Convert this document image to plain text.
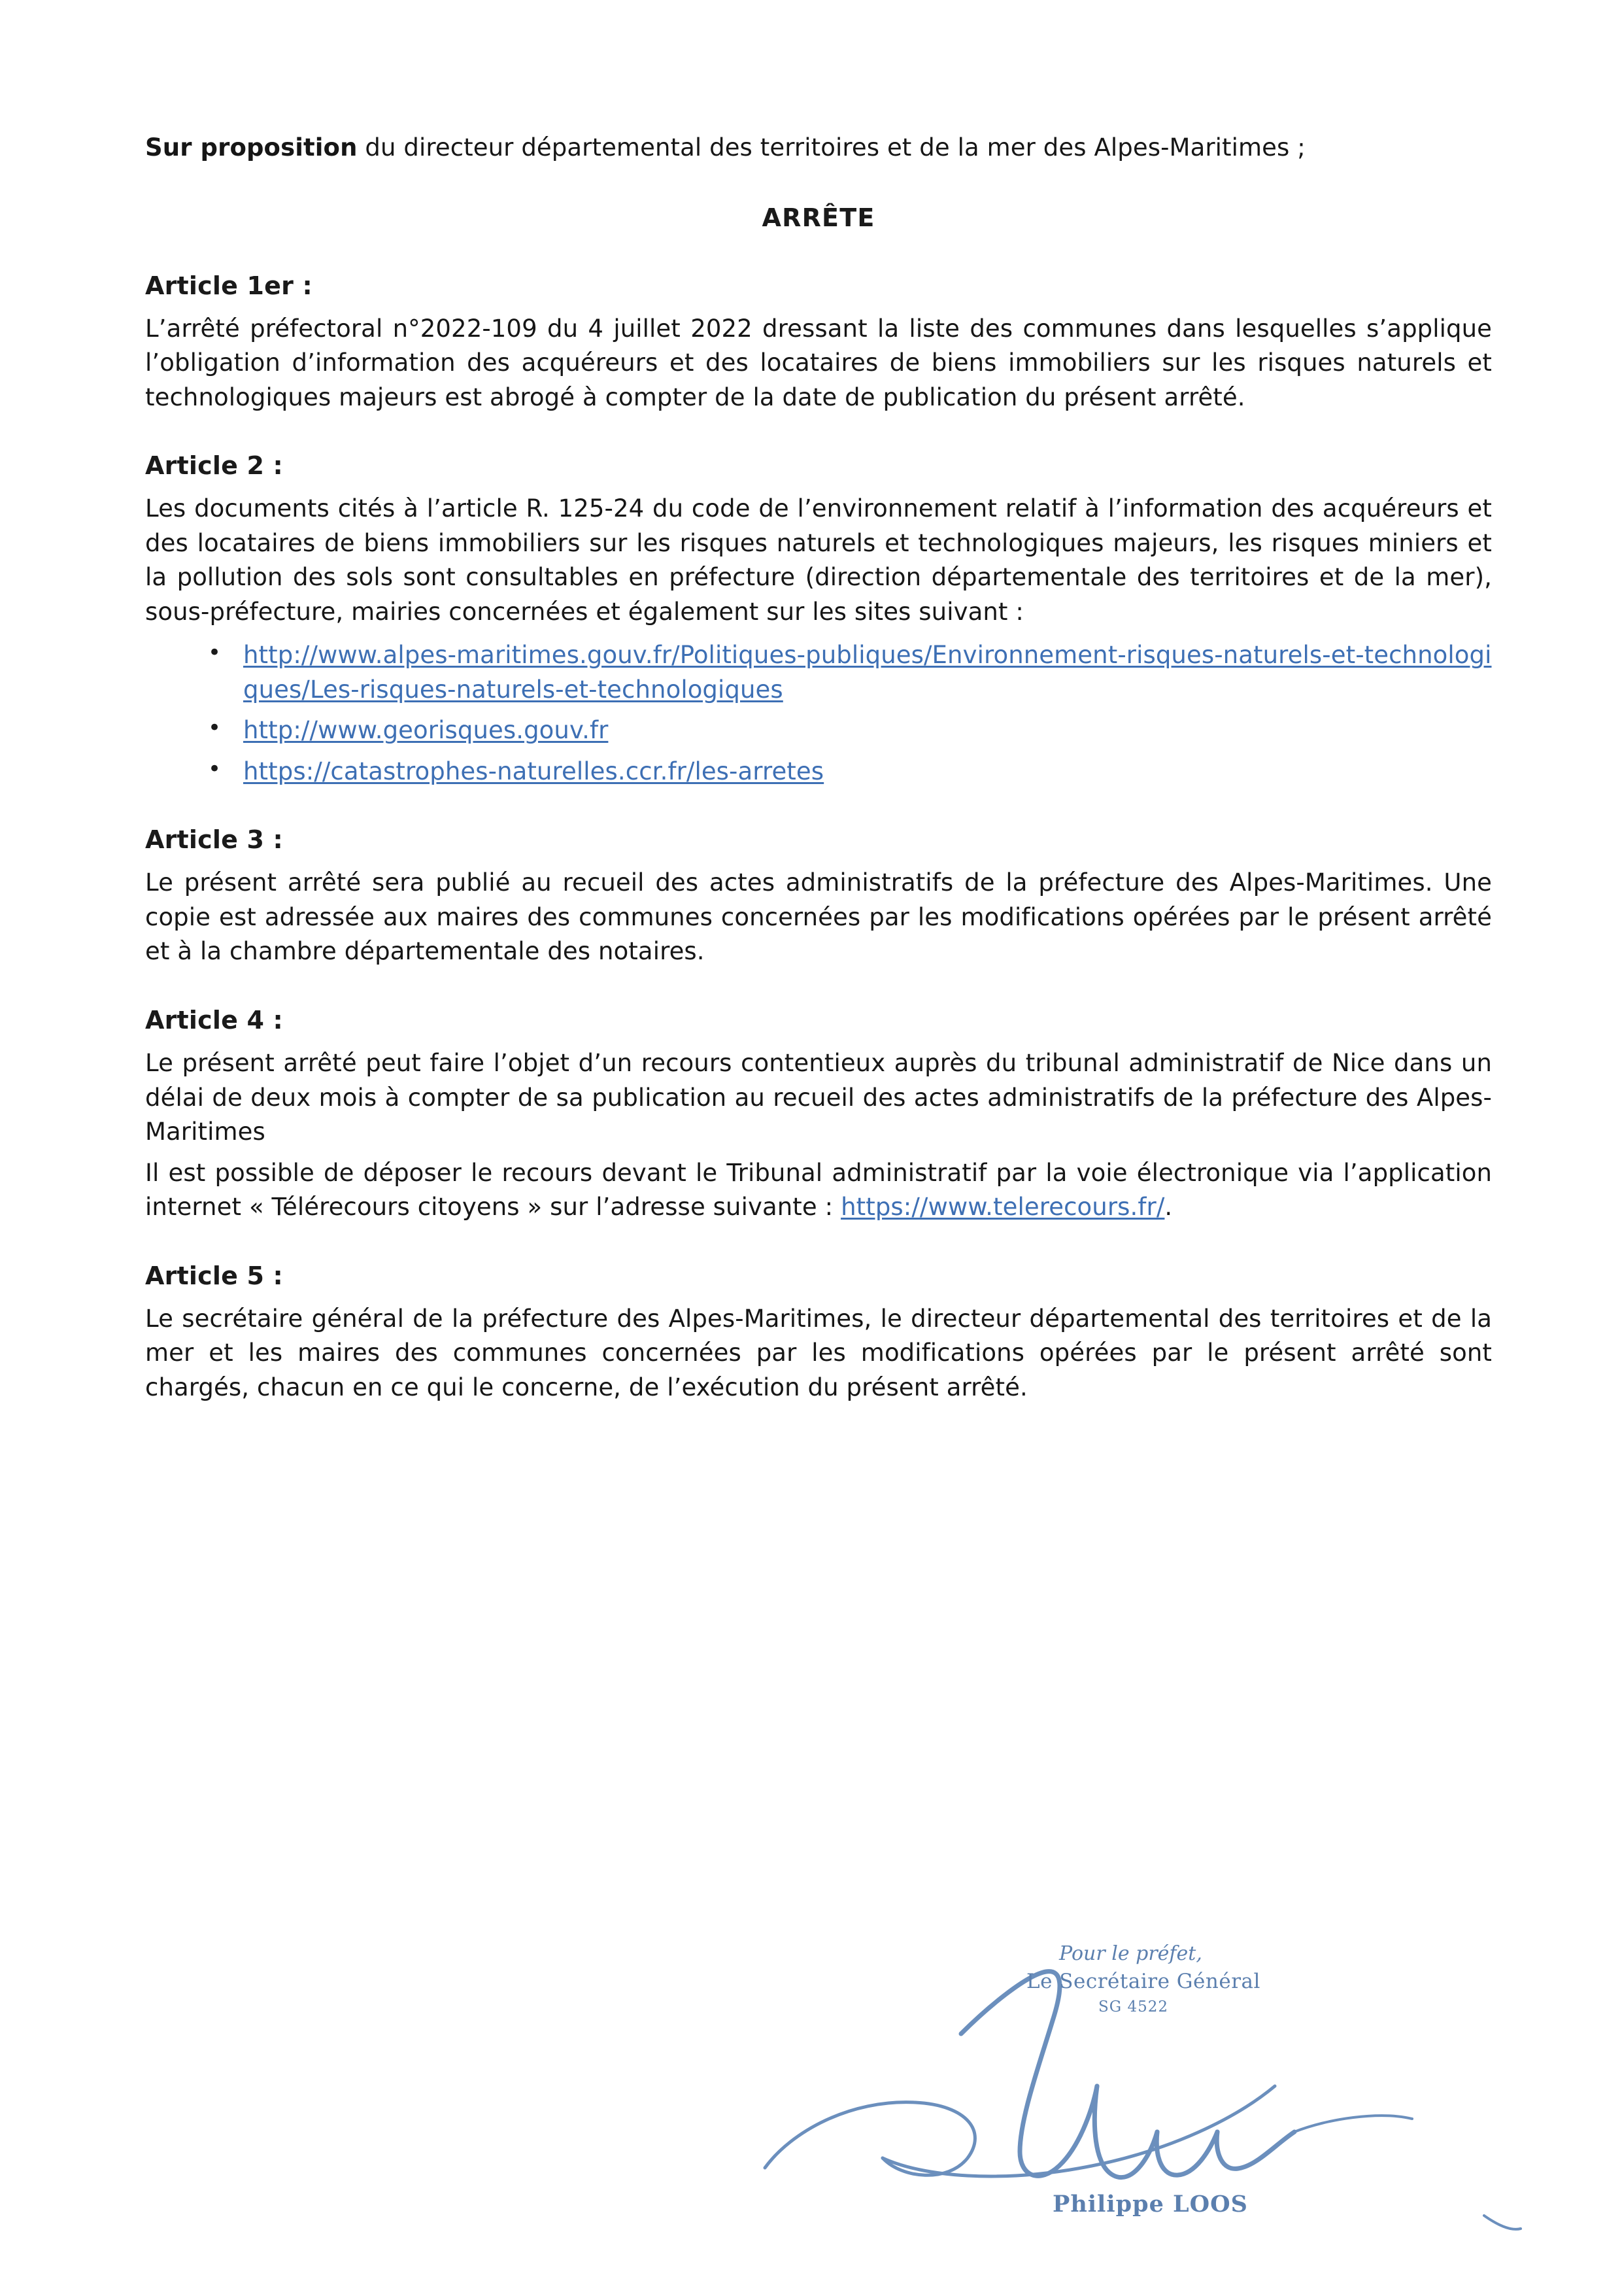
Sur proposition du directeur départemental des territoires et de la mer des Alpes-Maritimes ;

ARRÊTE
Article 1er :

L’arrêté préfectoral n°2022-109 du 4 juillet 2022 dressant la liste des communes dans lesquelles s’applique l’obligation d’information des acquéreurs et des locataires de biens immobiliers sur les risques naturels et technologiques majeurs est abrogé à compter de la date de publication du présent arrêté.

Article 2 :

Les documents cités à l’article R. 125-24 du code de l’environnement relatif à l’information des acquéreurs et des locataires de biens immobiliers sur les risques naturels et technologiques majeurs, les risques miniers et la pollution des sols sont consultables en préfecture (direction départementale des territoires et de la mer), sous-préfecture, mairies concernées et également sur les sites suivant :

• http://www.alpes-maritimes.gouv.fr/Politiques-publiques/Environnement-risques-naturels-et-technologiques/Les-risques-naturels-et-technologiques
• http://www.georisques.gouv.fr
• https://catastrophes-naturelles.ccr.fr/les-arretes
Article 3 :

Le présent arrêté sera publié au recueil des actes administratifs de la préfecture des Alpes-Maritimes. Une copie est adressée aux maires des communes concernées par les modifications opérées par le présent arrêté et à la chambre départementale des notaires.

Article 4 :

Le présent arrêté peut faire l’objet d’un recours contentieux auprès du tribunal administratif de Nice dans un délai de deux mois à compter de sa publication au recueil des actes administratifs de la préfecture des Alpes-Maritimes

Il est possible de déposer le recours devant le Tribunal administratif par la voie électronique via l’application internet « Télérecours citoyens » sur l’adresse suivante : https://www.telerecours.fr/.

Article 5 :

Le secrétaire général de la préfecture des Alpes-Maritimes, le directeur départemental des territoires et de la mer et les maires des communes concernées par les modifications opérées par le présent arrêté sont chargés, chacun en ce qui le concerne, de l’exécution du présent arrêté.

Pour le préfet,
Le Secrétaire Général
SG 4522
Philippe LOOS
